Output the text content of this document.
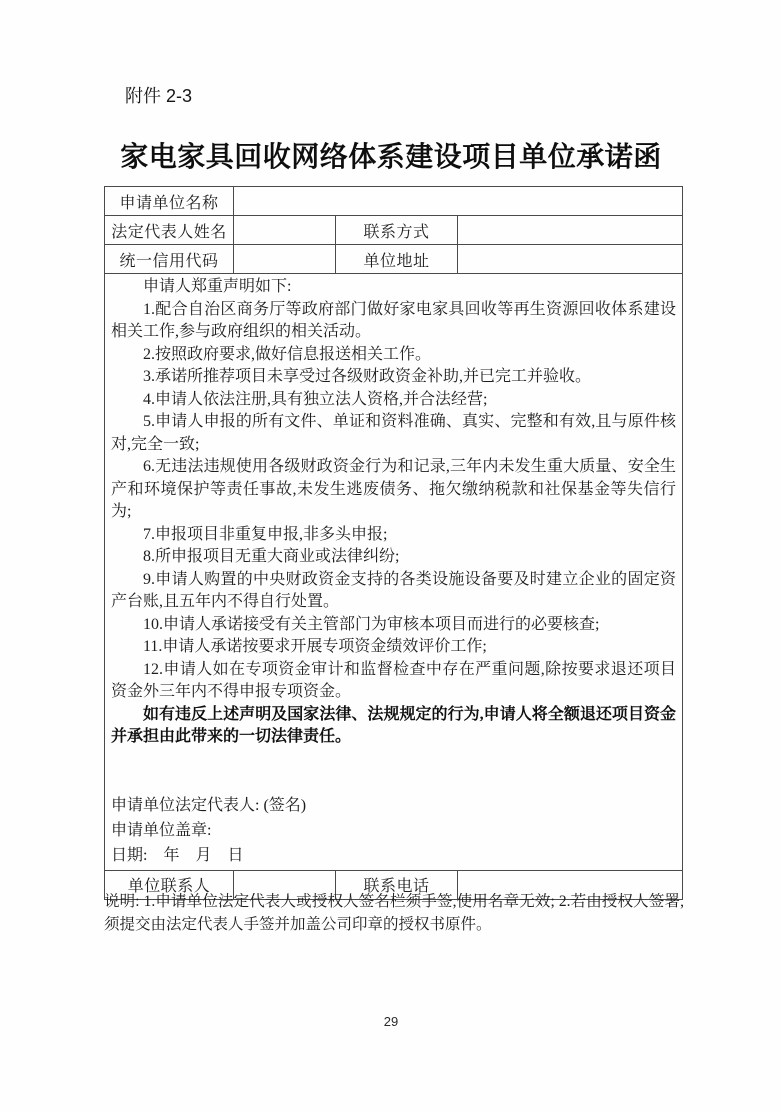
附件 2-3
家电家具回收网络体系建设项目单位承诺函
申请单位名称			
法定代表人姓名		联系方式	
统一信用代码		单位地址	

申请人郑重声明如下:

1.配合自治区商务厅等政府部门做好家电家具回收等再生资源回收体系建设相关工作,参与政府组织的相关活动。

2.按照政府要求,做好信息报送相关工作。

3.承诺所推荐项目未享受过各级财政资金补助,并已完工并验收。

4.申请人依法注册,具有独立法人资格,并合法经营;

5.申请人申报的所有文件、单证和资料准确、真实、完整和有效,且与原件核对,完全一致;

6.无违法违规使用各级财政资金行为和记录,三年内未发生重大质量、安全生产和环境保护等责任事故,未发生逃废债务、拖欠缴纳税款和社保基金等失信行为;

7.申报项目非重复申报,非多头申报;

8.所申报项目无重大商业或法律纠纷;

9.申请人购置的中央财政资金支持的各类设施设备要及时建立企业的固定资产台账,且五年内不得自行处置。

10.申请人承诺接受有关主管部门为审核本项目而进行的必要核查;

11.申请人承诺按要求开展专项资金绩效评价工作;

12.申请人如在专项资金审计和监督检查中存在严重问题,除按要求退还项目资金外三年内不得申报专项资金。

如有违反上述声明及国家法律、法规规定的行为,申请人将全额退还项目资金并承担由此带来的一切法律责任。

申请单位法定代表人: (签名)
申请单位盖章:
日期:    年    月    日

单位联系人		联系电话	
说明: 1.申请单位法定代表人或授权人签名栏须手签,使用名章无效; 2.若由授权人签署,须提交由法定代表人手签并加盖公司印章的授权书原件。
29
